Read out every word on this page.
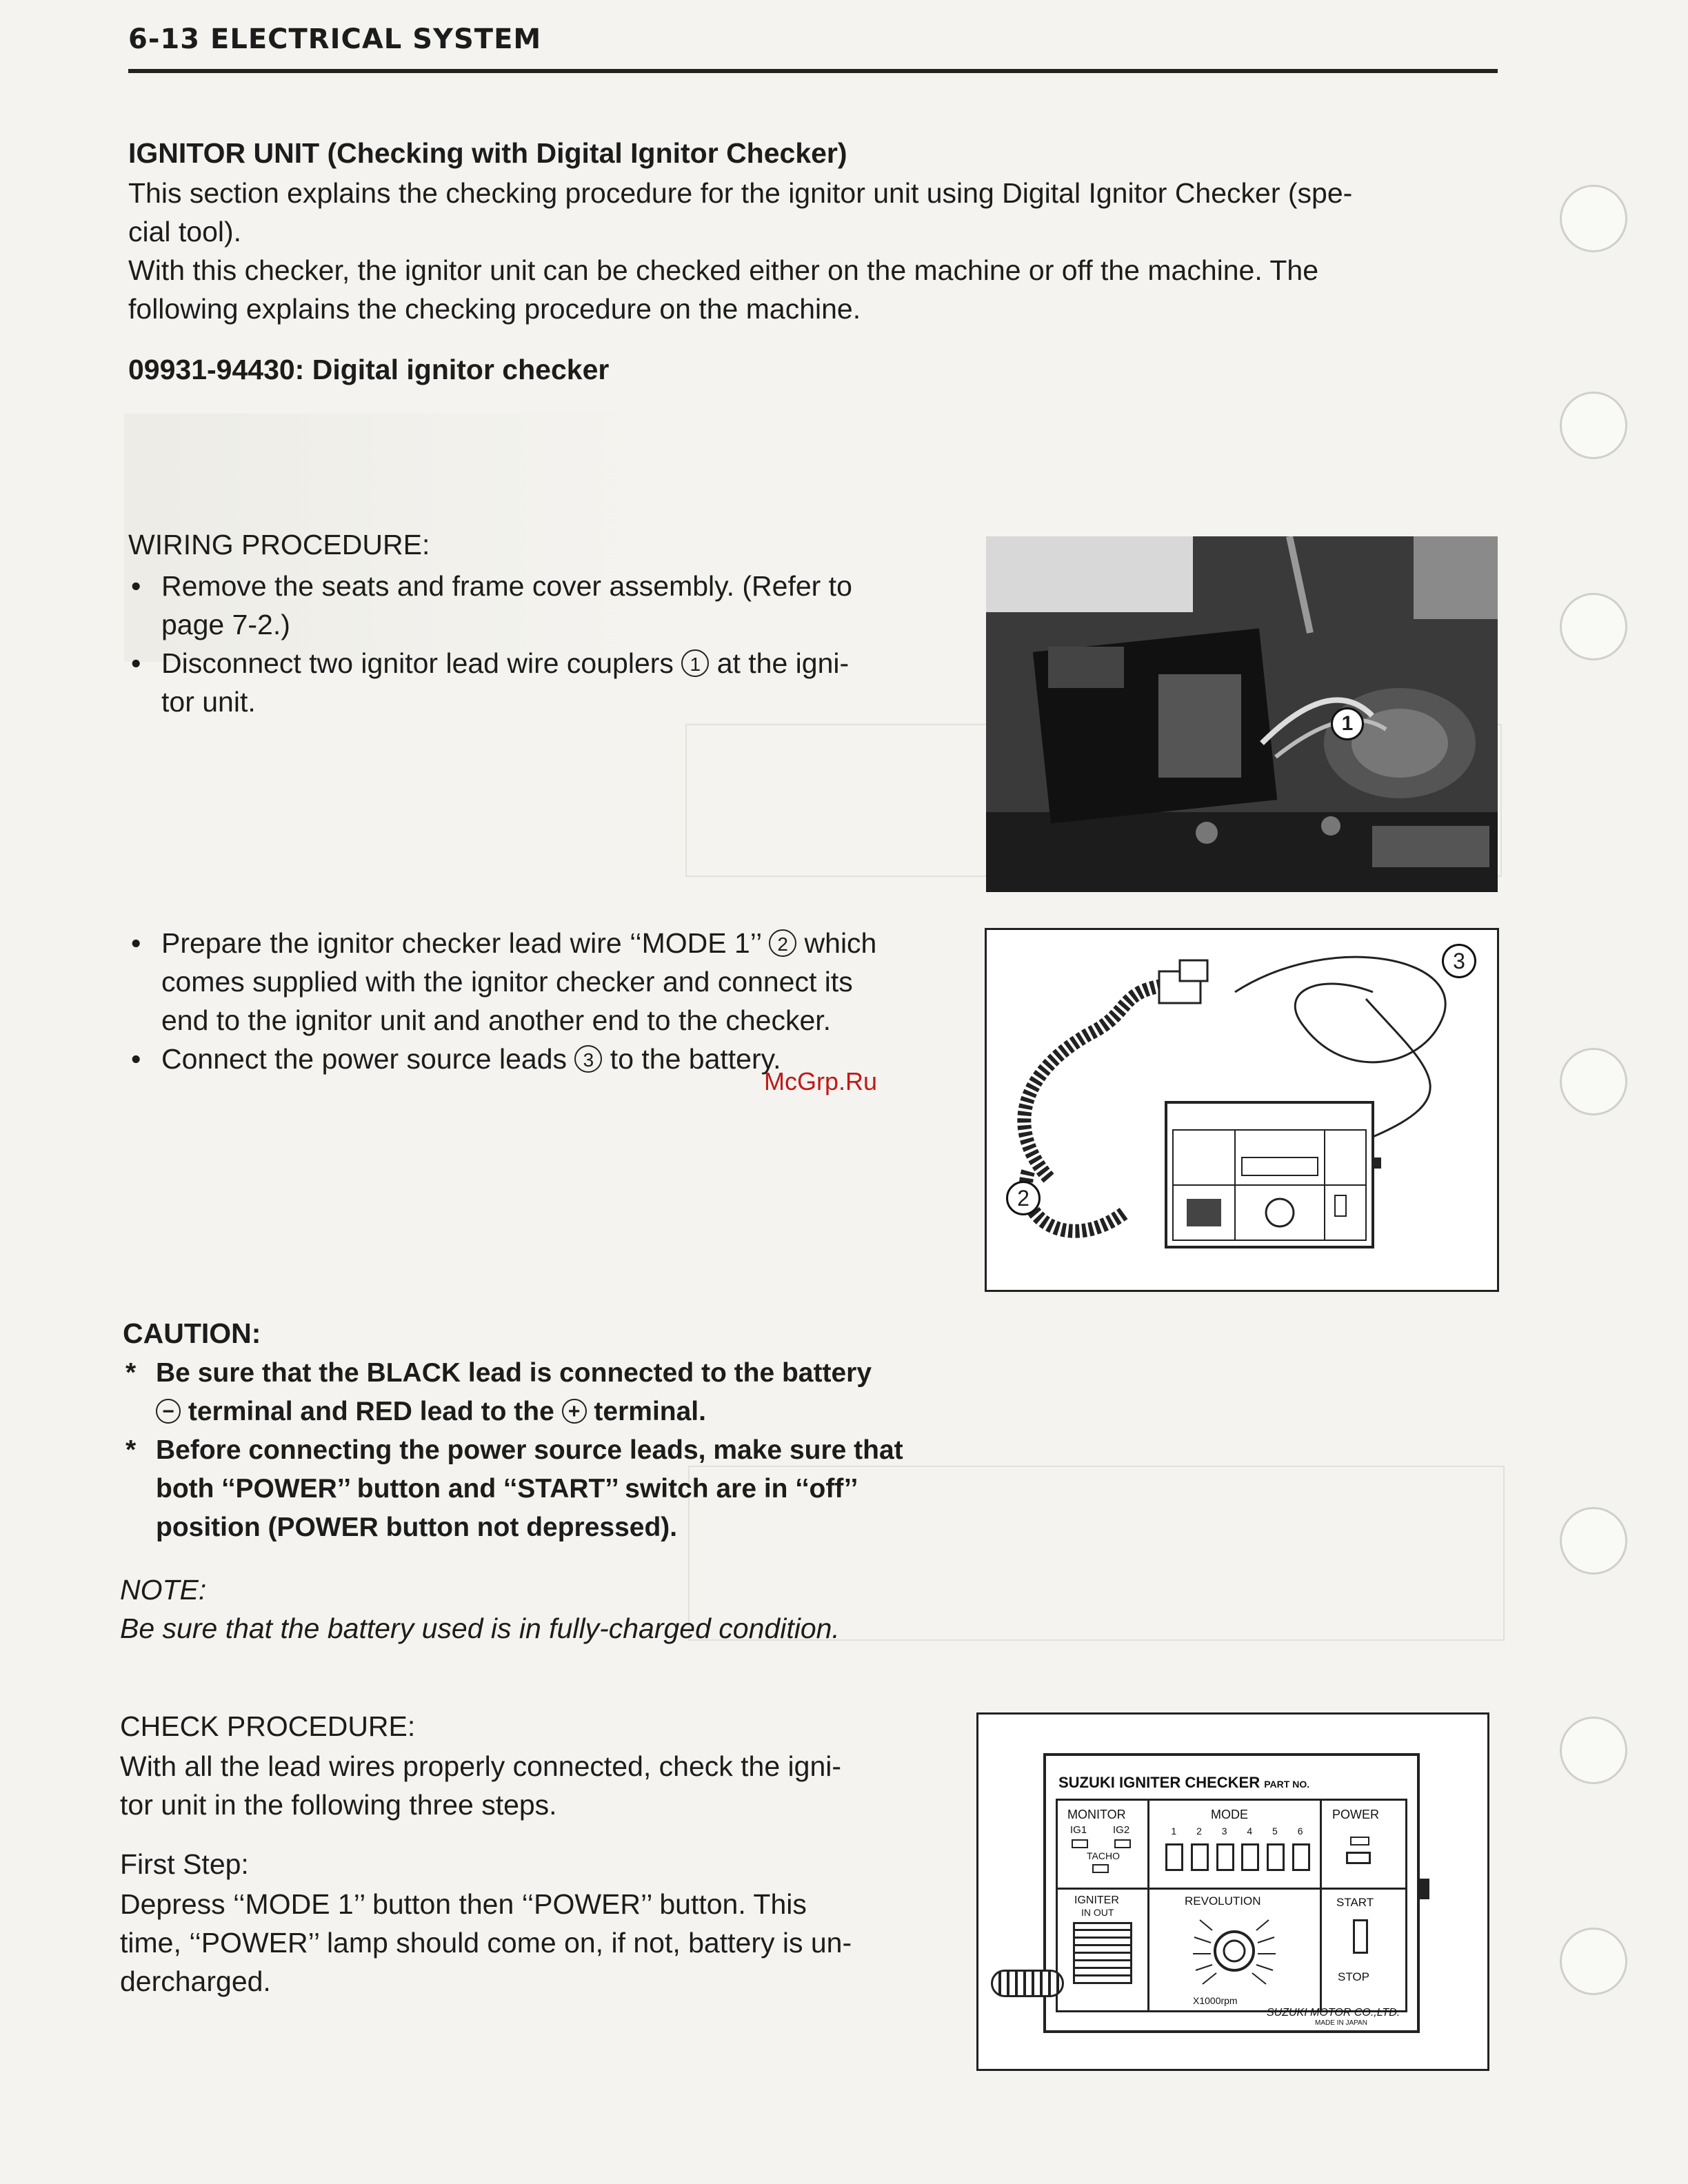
6-13 ELECTRICAL SYSTEM
IGNITOR UNIT (Checking with Digital Ignitor Checker)
This section explains the checking procedure for the ignitor unit using Digital Ignitor Checker (spe-
cial tool).
With this checker, the ignitor unit can be checked either on the machine or off the machine. The
following explains the checking procedure on the machine.
09931-94430: Digital ignitor checker
WIRING PROCEDURE:
• Remove the seats and frame cover assembly. (Refer to
page 7-2.)
• Disconnect two ignitor lead wire couplers 1 at the igni-
tor unit.
• Prepare the ignitor checker lead wire ‘‘MODE 1’’ 2 which
comes supplied with the ignitor checker and connect its
end to the ignitor unit and another end to the checker.
• Connect the power source leads 3 to the battery.
McGrp.Ru
CAUTION:
* Be sure that the BLACK lead is connected to the battery
− terminal and RED lead to the + terminal.
* Before connecting the power source leads, make sure that
both ‘‘POWER’’ button and ‘‘START’’ switch are in ‘‘off’’
position (POWER button not depressed).
NOTE:
Be sure that the battery used is in fully-charged condition.
CHECK PROCEDURE:
With all the lead wires properly connected, check the igni-
tor unit in the following three steps.
First Step:
Depress ‘‘MODE 1’’ button then ‘‘POWER’’ button. This
time, ‘‘POWER’’ lamp should come on, if not, battery is un-
dercharged.
1
3
2
SUZUKI IGNITER CHECKER PART NO.
MONITOR
IG1	IG2
TACHO
MODE
1 2 3 4 5 6
POWER
IGNITER
IN OUT
REVOLUTION
X1000rpm
START
STOP
SUZUKI MOTOR CO.,LTD.
MADE IN JAPAN
